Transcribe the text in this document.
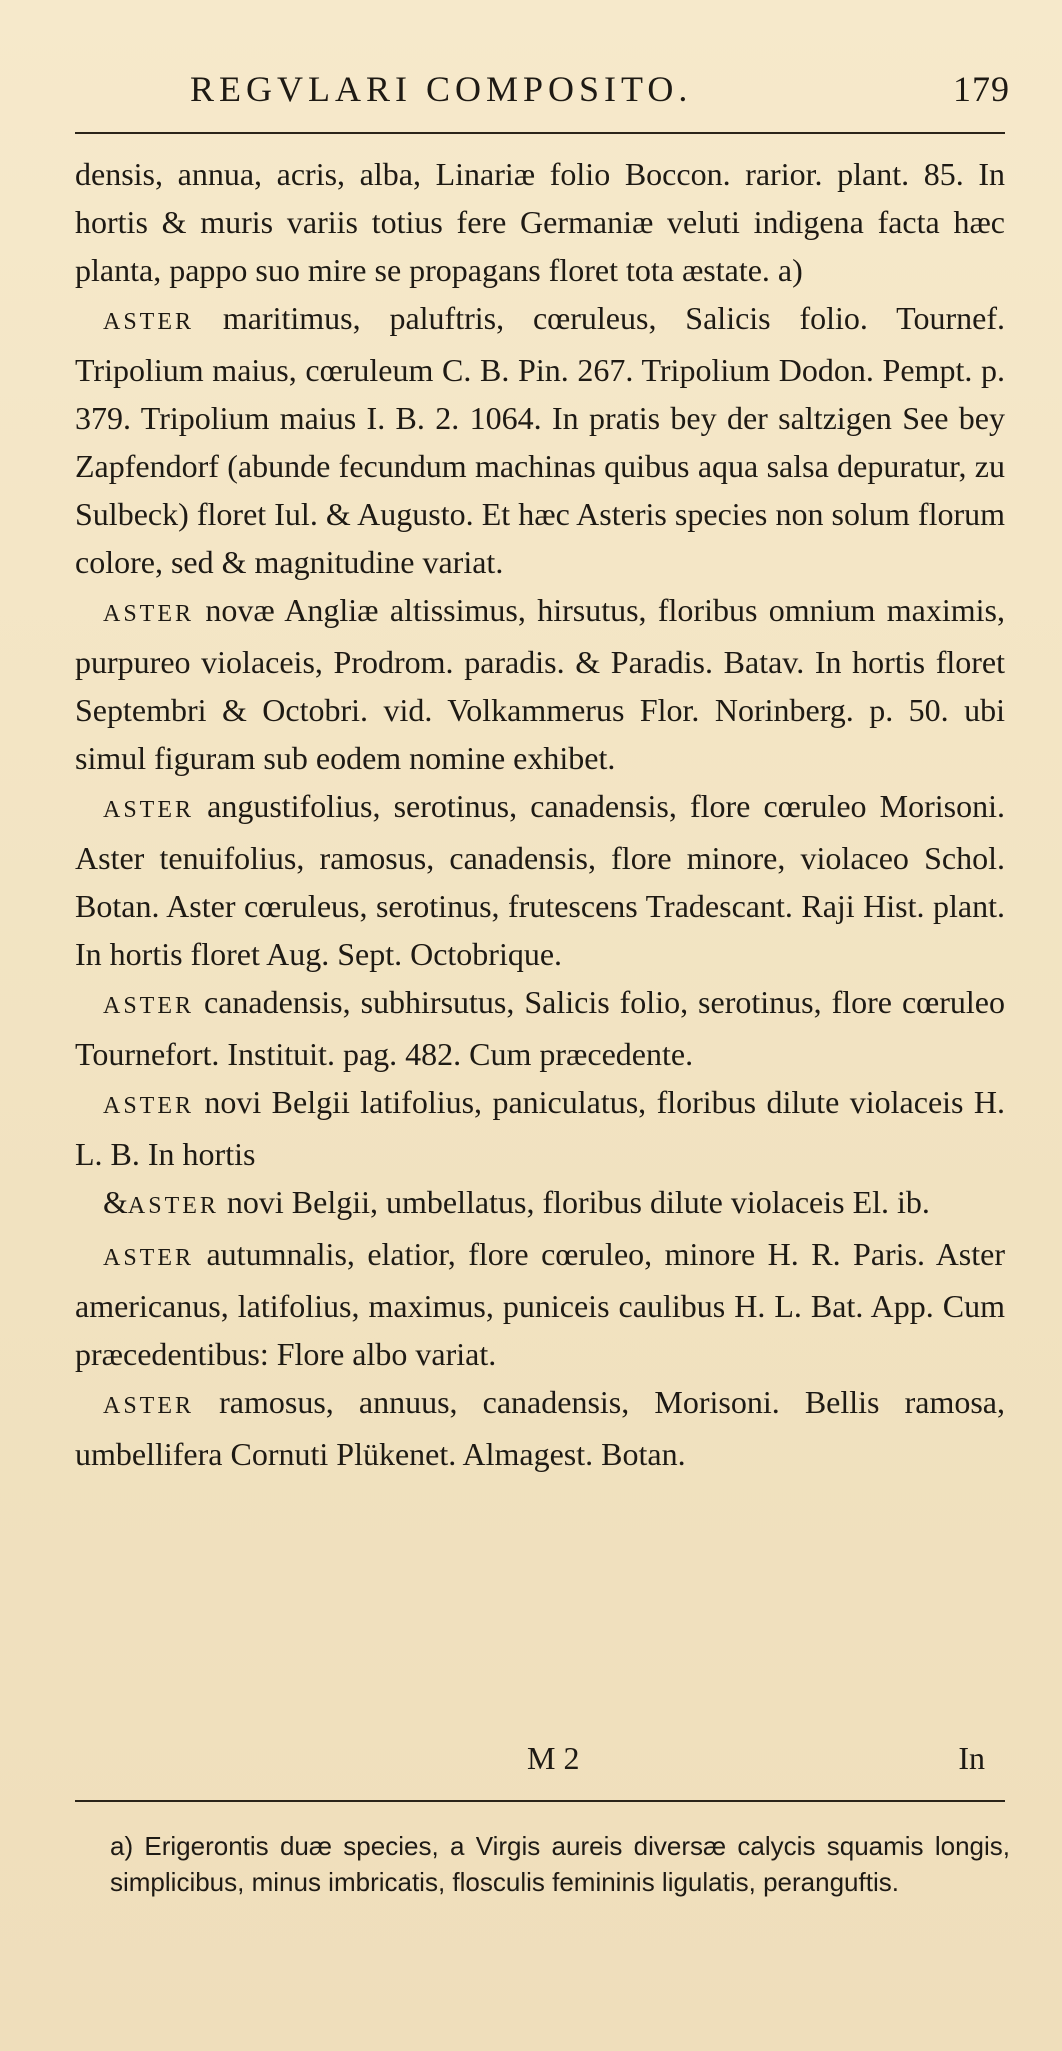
REGVLARI COMPOSITO.	179

densis, annua, acris, alba, Linariæ folio Boccon. rarior. plant. 85. In hortis & muris variis totius fere Germaniæ veluti indigena facta hæc planta, pappo suo mire se propagans floret tota æstate. a)

ASTER maritimus, paluftris, cœruleus, Salicis folio. Tournef. Tripolium maius, cœruleum C. B. Pin. 267. Tripolium Dodon. Pempt. p. 379. Tripolium maius I. B. 2. 1064. In pratis bey der saltzigen See bey Zapfendorf (abunde fecundum machinas quibus aqua salsa depuratur, zu Sulbeck) floret Iul. & Augusto. Et hæc Asteris species non solum florum colore, sed & magnitudine variat.

ASTER novæ Angliæ altissimus, hirsutus, floribus omnium maximis, purpureo violaceis, Prodrom. paradis. & Paradis. Batav. In hortis floret Septembri & Octobri. vid. Volkammerus Flor. Norinberg. p. 50. ubi simul figuram sub eodem nomine exhibet.

ASTER angustifolius, serotinus, canadensis, flore cœruleo Morisoni. Aster tenuifolius, ramosus, canadensis, flore minore, violaceo Schol. Botan. Aster cœruleus, serotinus, frutescens Tradescant. Raji Hist. plant. In hortis floret Aug. Sept. Octobrique.

ASTER canadensis, subhirsutus, Salicis folio, serotinus, flore cœruleo Tournefort. Instituit. pag. 482. Cum præcedente.

ASTER novi Belgii latifolius, paniculatus, floribus dilute violaceis H. L. B. In hortis

&ASTER novi Belgii, umbellatus, floribus dilute violaceis El. ib.

ASTER autumnalis, elatior, flore cœruleo, minore H. R. Paris. Aster americanus, latifolius, maximus, puniceis caulibus H. L. Bat. App. Cum præcedentibus: Flore albo variat.

ASTER ramosus, annuus, canadensis, Morisoni. Bellis ramosa, umbellifera Cornuti Plükenet. Almagest. Botan.

M 2	In
a) Erigerontis duæ species, a Virgis aureis diversæ calycis squamis longis, simplicibus, minus imbricatis, flosculis femininis ligulatis, peranguftis.
